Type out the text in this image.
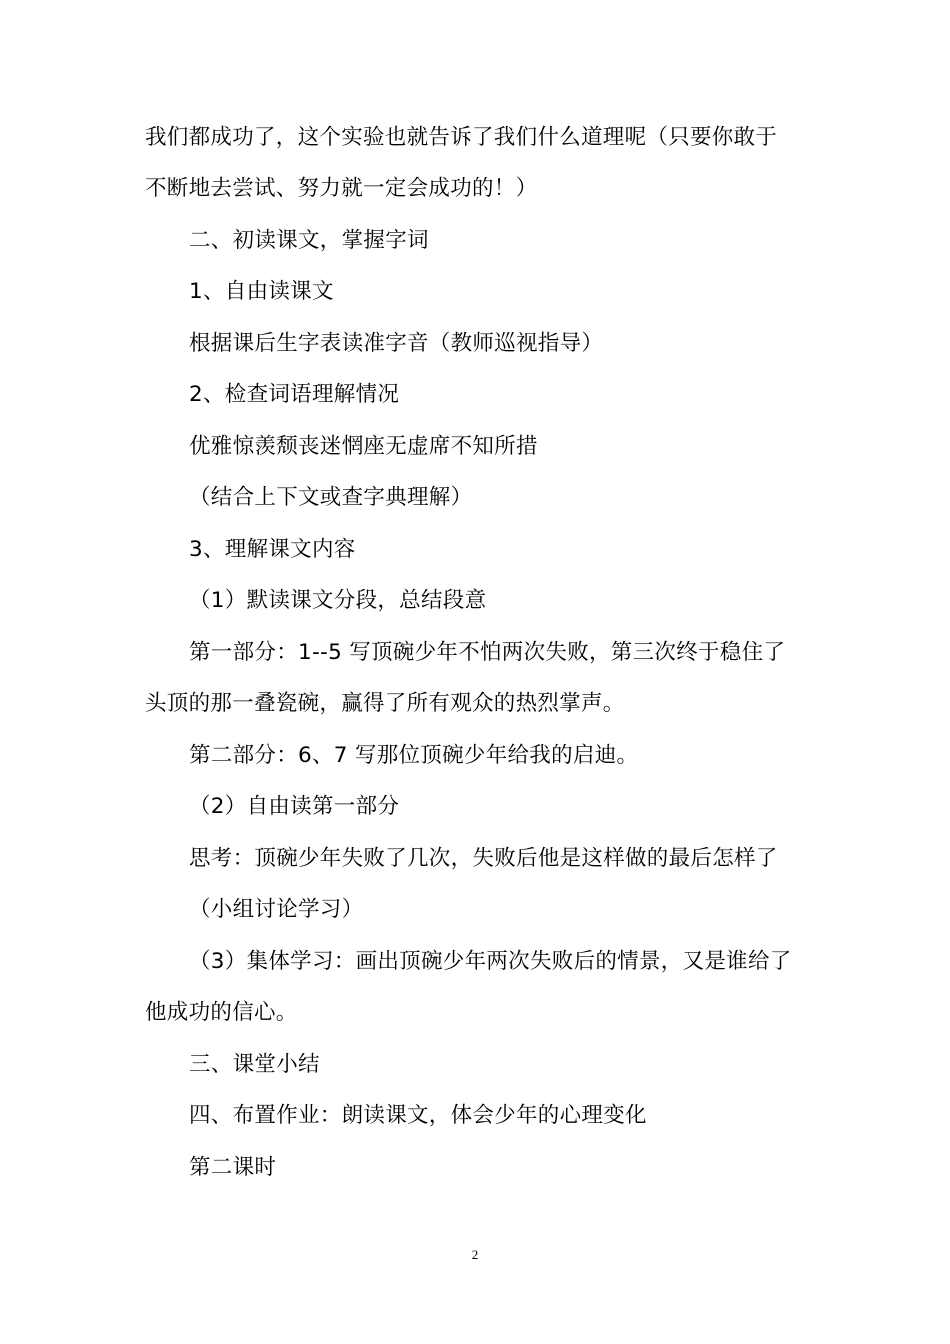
我们都成功了，这个实验也就告诉了我们什么道理呢（只要你敢于
不断地去尝试、努力就一定会成功的！）
二、初读课文，掌握字词
1、自由读课文
根据课后生字表读准字音（教师巡视指导）
2、检查词语理解情况
优雅惊羡颓丧迷惘座无虚席不知所措
（结合上下文或查字典理解）
3、理解课文内容
（1）默读课文分段，总结段意
第一部分：1--5 写顶碗少年不怕两次失败，第三次终于稳住了
头顶的那一叠瓷碗，赢得了所有观众的热烈掌声。
第二部分：6、7 写那位顶碗少年给我的启迪。
（2）自由读第一部分
思考：顶碗少年失败了几次，失败后他是这样做的最后怎样了
（小组讨论学习）
（3）集体学习：画出顶碗少年两次失败后的情景，又是谁给了
他成功的信心。
三、课堂小结
四、布置作业：朗读课文，体会少年的心理变化
第二课时
2
